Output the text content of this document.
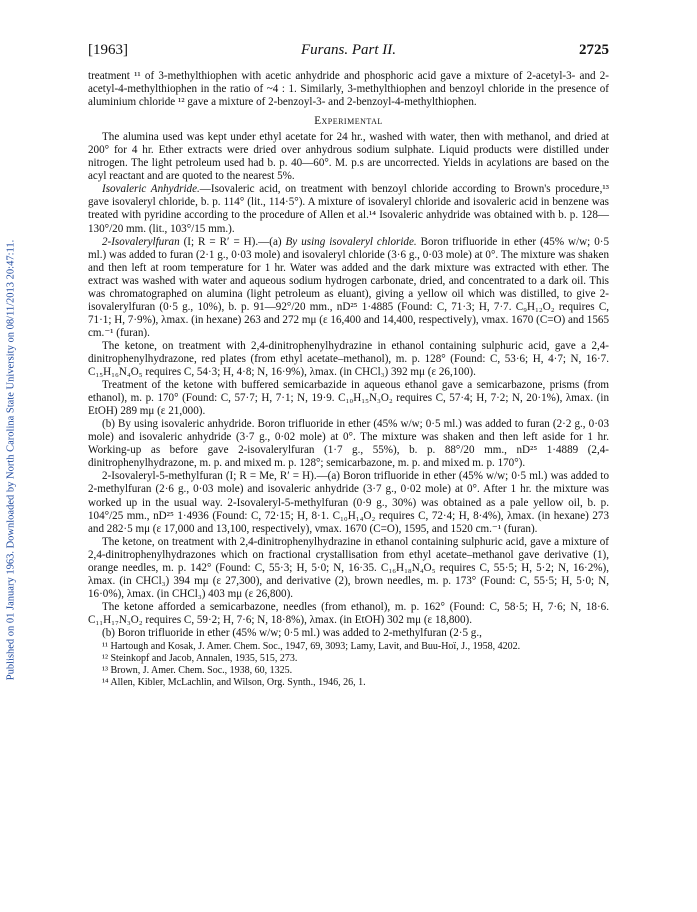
Published on 01 January 1963. Downloaded by North Carolina State University on 08/11/2013 20:47:11.
[1963]	Furans. Part II.	2725

treatment ¹¹ of 3-methylthiophen with acetic anhydride and phosphoric acid gave a mixture of 2-acetyl-3- and 2-acetyl-4-methylthiophen in the ratio of ~4 : 1. Similarly, 3-methylthiophen and benzoyl chloride in the presence of aluminium chloride ¹² gave a mixture of 2-benzoyl-3- and 2-benzoyl-4-methylthiophen.

Experimental

The alumina used was kept under ethyl acetate for 24 hr., washed with water, then with methanol, and dried at 200° for 4 hr. Ether extracts were dried over anhydrous sodium sulphate. Liquid products were distilled under nitrogen. The light petroleum used had b. p. 40—60°. M. p.s are uncorrected. Yields in acylations are based on the acyl reactant and are quoted to the nearest 5%.

Isovaleric Anhydride.—Isovaleric acid, on treatment with benzoyl chloride according to Brown's procedure,¹³ gave isovaleryl chloride, b. p. 114° (lit., 114·5°). A mixture of isovaleryl chloride and isovaleric acid in benzene was treated with pyridine according to the procedure of Allen et al.¹⁴ Isovaleric anhydride was obtained with b. p. 128—130°/20 mm. (lit., 103°/15 mm.).

2-Isovalerylfuran (I; R = R′ = H).—(a) By using isovaleryl chloride. Boron trifluoride in ether (45% w/w; 0·5 ml.) was added to furan (2·1 g., 0·03 mole) and isovaleryl chloride (3·6 g., 0·03 mole) at 0°. The mixture was shaken and then left at room temperature for 1 hr. Water was added and the dark mixture was extracted with ether. The extract was washed with water and aqueous sodium hydrogen carbonate, dried, and concentrated to a dark oil. This was chromatographed on alumina (light petroleum as eluant), giving a yellow oil which was distilled, to give 2-isovalerylfuran (0·5 g., 10%), b. p. 91—92°/20 mm., nD²⁵ 1·4885 (Found: C, 71·3; H, 7·7. C₉H₁₂O₂ requires C, 71·1; H, 7·9%), λmax. (in hexane) 263 and 272 mμ (ε 16,400 and 14,400, respectively), νmax. 1670 (C=O) and 1565 cm.⁻¹ (furan).

The ketone, on treatment with 2,4-dinitrophenylhydrazine in ethanol containing sulphuric acid, gave a 2,4-dinitrophenylhydrazone, red plates (from ethyl acetate–methanol), m. p. 128° (Found: C, 53·6; H, 4·7; N, 16·7. C₁₅H₁₆N₄O₅ requires C, 54·3; H, 4·8; N, 16·9%), λmax. (in CHCl₃) 392 mμ (ε 26,100).

Treatment of the ketone with buffered semicarbazide in aqueous ethanol gave a semicarbazone, prisms (from ethanol), m. p. 170° (Found: C, 57·7; H, 7·1; N, 19·9. C₁₀H₁₅N₃O₂ requires C, 57·4; H, 7·2; N, 20·1%), λmax. (in EtOH) 289 mμ (ε 21,000).

(b) By using isovaleric anhydride. Boron trifluoride in ether (45% w/w; 0·5 ml.) was added to furan (2·2 g., 0·03 mole) and isovaleric anhydride (3·7 g., 0·02 mole) at 0°. The mixture was shaken and then left aside for 1 hr. Working-up as before gave 2-isovalerylfuran (1·7 g., 55%), b. p. 88°/20 mm., nD²⁵ 1·4889 (2,4-dinitrophenylhydrazone, m. p. and mixed m. p. 128°; semicarbazone, m. p. and mixed m. p. 170°).

2-Isovaleryl-5-methylfuran (I; R = Me, R′ = H).—(a) Boron trifluoride in ether (45% w/w; 0·5 ml.) was added to 2-methylfuran (2·6 g., 0·03 mole) and isovaleric anhydride (3·7 g., 0·02 mole) at 0°. After 1 hr. the mixture was worked up in the usual way. 2-Isovaleryl-5-methylfuran (0·9 g., 30%) was obtained as a pale yellow oil, b. p. 104°/25 mm., nD²⁵ 1·4936 (Found: C, 72·15; H, 8·1. C₁₀H₁₄O₂ requires C, 72·4; H, 8·4%), λmax. (in hexane) 273 and 282·5 mμ (ε 17,000 and 13,100, respectively), νmax. 1670 (C=O), 1595, and 1520 cm.⁻¹ (furan).

The ketone, on treatment with 2,4-dinitrophenylhydrazine in ethanol containing sulphuric acid, gave a mixture of 2,4-dinitrophenylhydrazones which on fractional crystallisation from ethyl acetate–methanol gave derivative (1), orange needles, m. p. 142° (Found: C, 55·3; H, 5·0; N, 16·35. C₁₆H₁₈N₄O₅ requires C, 55·5; H, 5·2; N, 16·2%), λmax. (in CHCl₃) 394 mμ (ε 27,300), and derivative (2), brown needles, m. p. 173° (Found: C, 55·5; H, 5·0; N, 16·0%), λmax. (in CHCl₃) 403 mμ (ε 26,800).

The ketone afforded a semicarbazone, needles (from ethanol), m. p. 162° (Found: C, 58·5; H, 7·6; N, 18·6. C₁₁H₁₇N₃O₂ requires C, 59·2; H, 7·6; N, 18·8%), λmax. (in EtOH) 302 mμ (ε 18,800).

(b) Boron trifluoride in ether (45% w/w; 0·5 ml.) was added to 2-methylfuran (2·5 g.,

¹¹ Hartough and Kosak, J. Amer. Chem. Soc., 1947, 69, 3093; Lamy, Lavit, and Buu-Hoï, J., 1958, 4202.

¹² Steinkopf and Jacob, Annalen, 1935, 515, 273.

¹³ Brown, J. Amer. Chem. Soc., 1938, 60, 1325.

¹⁴ Allen, Kibler, McLachlin, and Wilson, Org. Synth., 1946, 26, 1.
